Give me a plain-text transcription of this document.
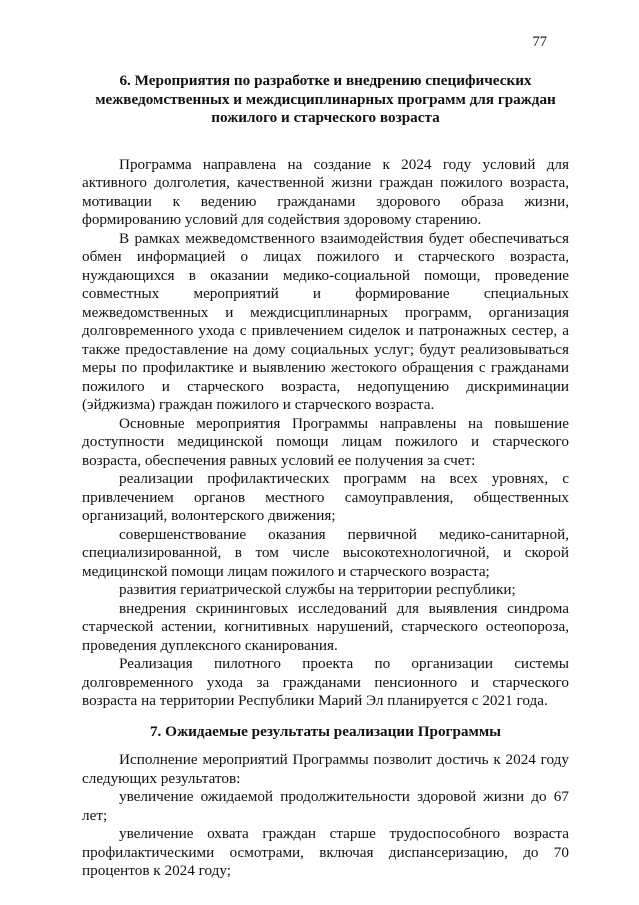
77
6. Мероприятия по разработке и внедрению специфических межведомственных и междисциплинарных программ для граждан пожилого и старческого возраста

Программа направлена на создание к 2024 году условий для активного долголетия, качественной жизни граждан пожилого возраста, мотивации к ведению гражданами здорового образа жизни, формированию условий для содействия здоровому старению.

В рамках межведомственного взаимодействия будет обеспечиваться обмен информацией о лицах пожилого и старческого возраста, нуждающихся в оказании медико-социальной помощи, проведение совместных мероприятий и формирование специальных межведомственных и междисциплинарных программ, организация долговременного ухода с привлечением сиделок и патронажных сестер, а также предоставление на дому социальных услуг; будут реализовываться меры по профилактике и выявлению жестокого обращения с гражданами пожилого и старческого возраста, недопущению дискриминации (эйджизма) граждан пожилого и старческого возраста.

Основные мероприятия Программы направлены на повышение доступности медицинской помощи лицам пожилого и старческого возраста, обеспечения равных условий ее получения за счет:

реализации профилактических программ на всех уровнях, с привлечением органов местного самоуправления, общественных организаций, волонтерского движения;

совершенствование оказания первичной медико-санитарной, специализированной, в том числе высокотехнологичной, и скорой медицинской помощи лицам пожилого и старческого возраста;

развития гериатрической службы на территории республики;

внедрения скрининговых исследований для выявления синдрома старческой астении, когнитивных нарушений, старческого остеопороза, проведения дуплексного сканирования.

Реализация пилотного проекта по организации системы долговременного ухода за гражданами пенсионного и старческого возраста на территории Республики Марий Эл планируется с 2021 года.

7. Ожидаемые результаты реализации Программы

Исполнение мероприятий Программы позволит достичь к 2024 году следующих результатов:

увеличение ожидаемой продолжительности здоровой жизни до 67 лет;

увеличение охвата граждан старше трудоспособного возраста профилактическими осмотрами, включая диспансеризацию, до 70 процентов к 2024 году;
